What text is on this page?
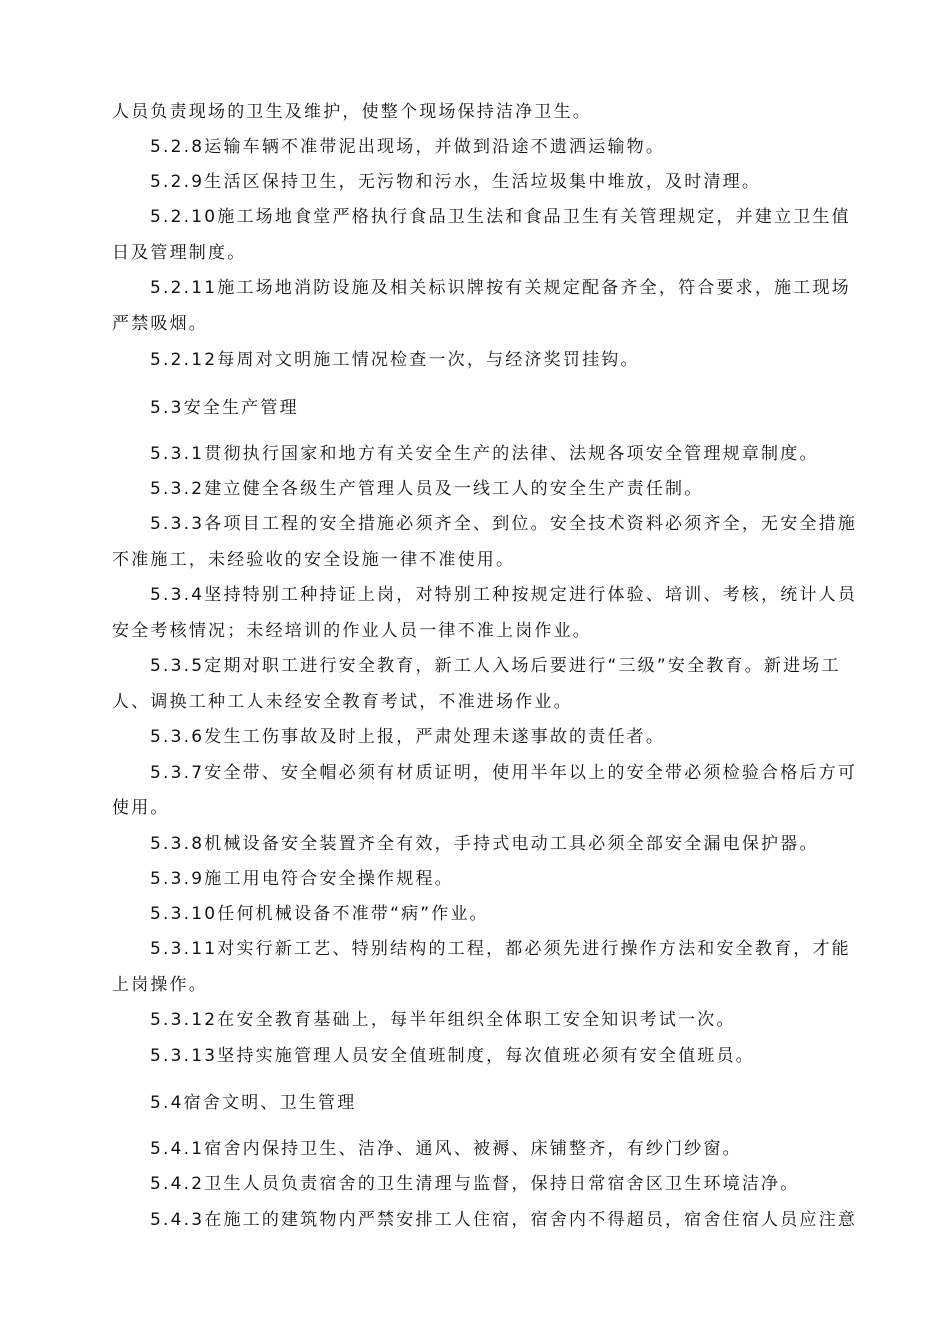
人员负责现场的卫生及维护，使整个现场保持洁净卫生。
5.2.8运输车辆不准带泥出现场，并做到沿途不遗洒运输物。
5.2.9生活区保持卫生，无污物和污水，生活垃圾集中堆放，及时清理。
5.2.10施工场地食堂严格执行食品卫生法和食品卫生有关管理规定，并建立卫生值
日及管理制度。
5.2.11施工场地消防设施及相关标识牌按有关规定配备齐全，符合要求，施工现场
严禁吸烟。
5.2.12每周对文明施工情况检查一次，与经济奖罚挂钩。
5.3安全生产管理
5.3.1贯彻执行国家和地方有关安全生产的法律、法规各项安全管理规章制度。
5.3.2建立健全各级生产管理人员及一线工人的安全生产责任制。
5.3.3各项目工程的安全措施必须齐全、到位。安全技术资料必须齐全，无安全措施
不准施工，未经验收的安全设施一律不准使用。
5.3.4坚持特别工种持证上岗，对特别工种按规定进行体验、培训、考核，统计人员
安全考核情况；未经培训的作业人员一律不准上岗作业。
5.3.5定期对职工进行安全教育，新工人入场后要进行“三级”安全教育。新进场工
人、调换工种工人未经安全教育考试，不准进场作业。
5.3.6发生工伤事故及时上报，严肃处理未遂事故的责任者。
5.3.7安全带、安全帽必须有材质证明，使用半年以上的安全带必须检验合格后方可
使用。
5.3.8机械设备安全装置齐全有效，手持式电动工具必须全部安全漏电保护器。
5.3.9施工用电符合安全操作规程。
5.3.10任何机械设备不准带“病”作业。
5.3.11对实行新工艺、特别结构的工程，都必须先进行操作方法和安全教育，才能
上岗操作。
5.3.12在安全教育基础上，每半年组织全体职工安全知识考试一次。
5.3.13坚持实施管理人员安全值班制度，每次值班必须有安全值班员。
5.4宿舍文明、卫生管理
5.4.1宿舍内保持卫生、洁净、通风、被褥、床铺整齐，有纱门纱窗。
5.4.2卫生人员负责宿舍的卫生清理与监督，保持日常宿舍区卫生环境洁净。
5.4.3在施工的建筑物内严禁安排工人住宿，宿舍内不得超员，宿舍住宿人员应注意
